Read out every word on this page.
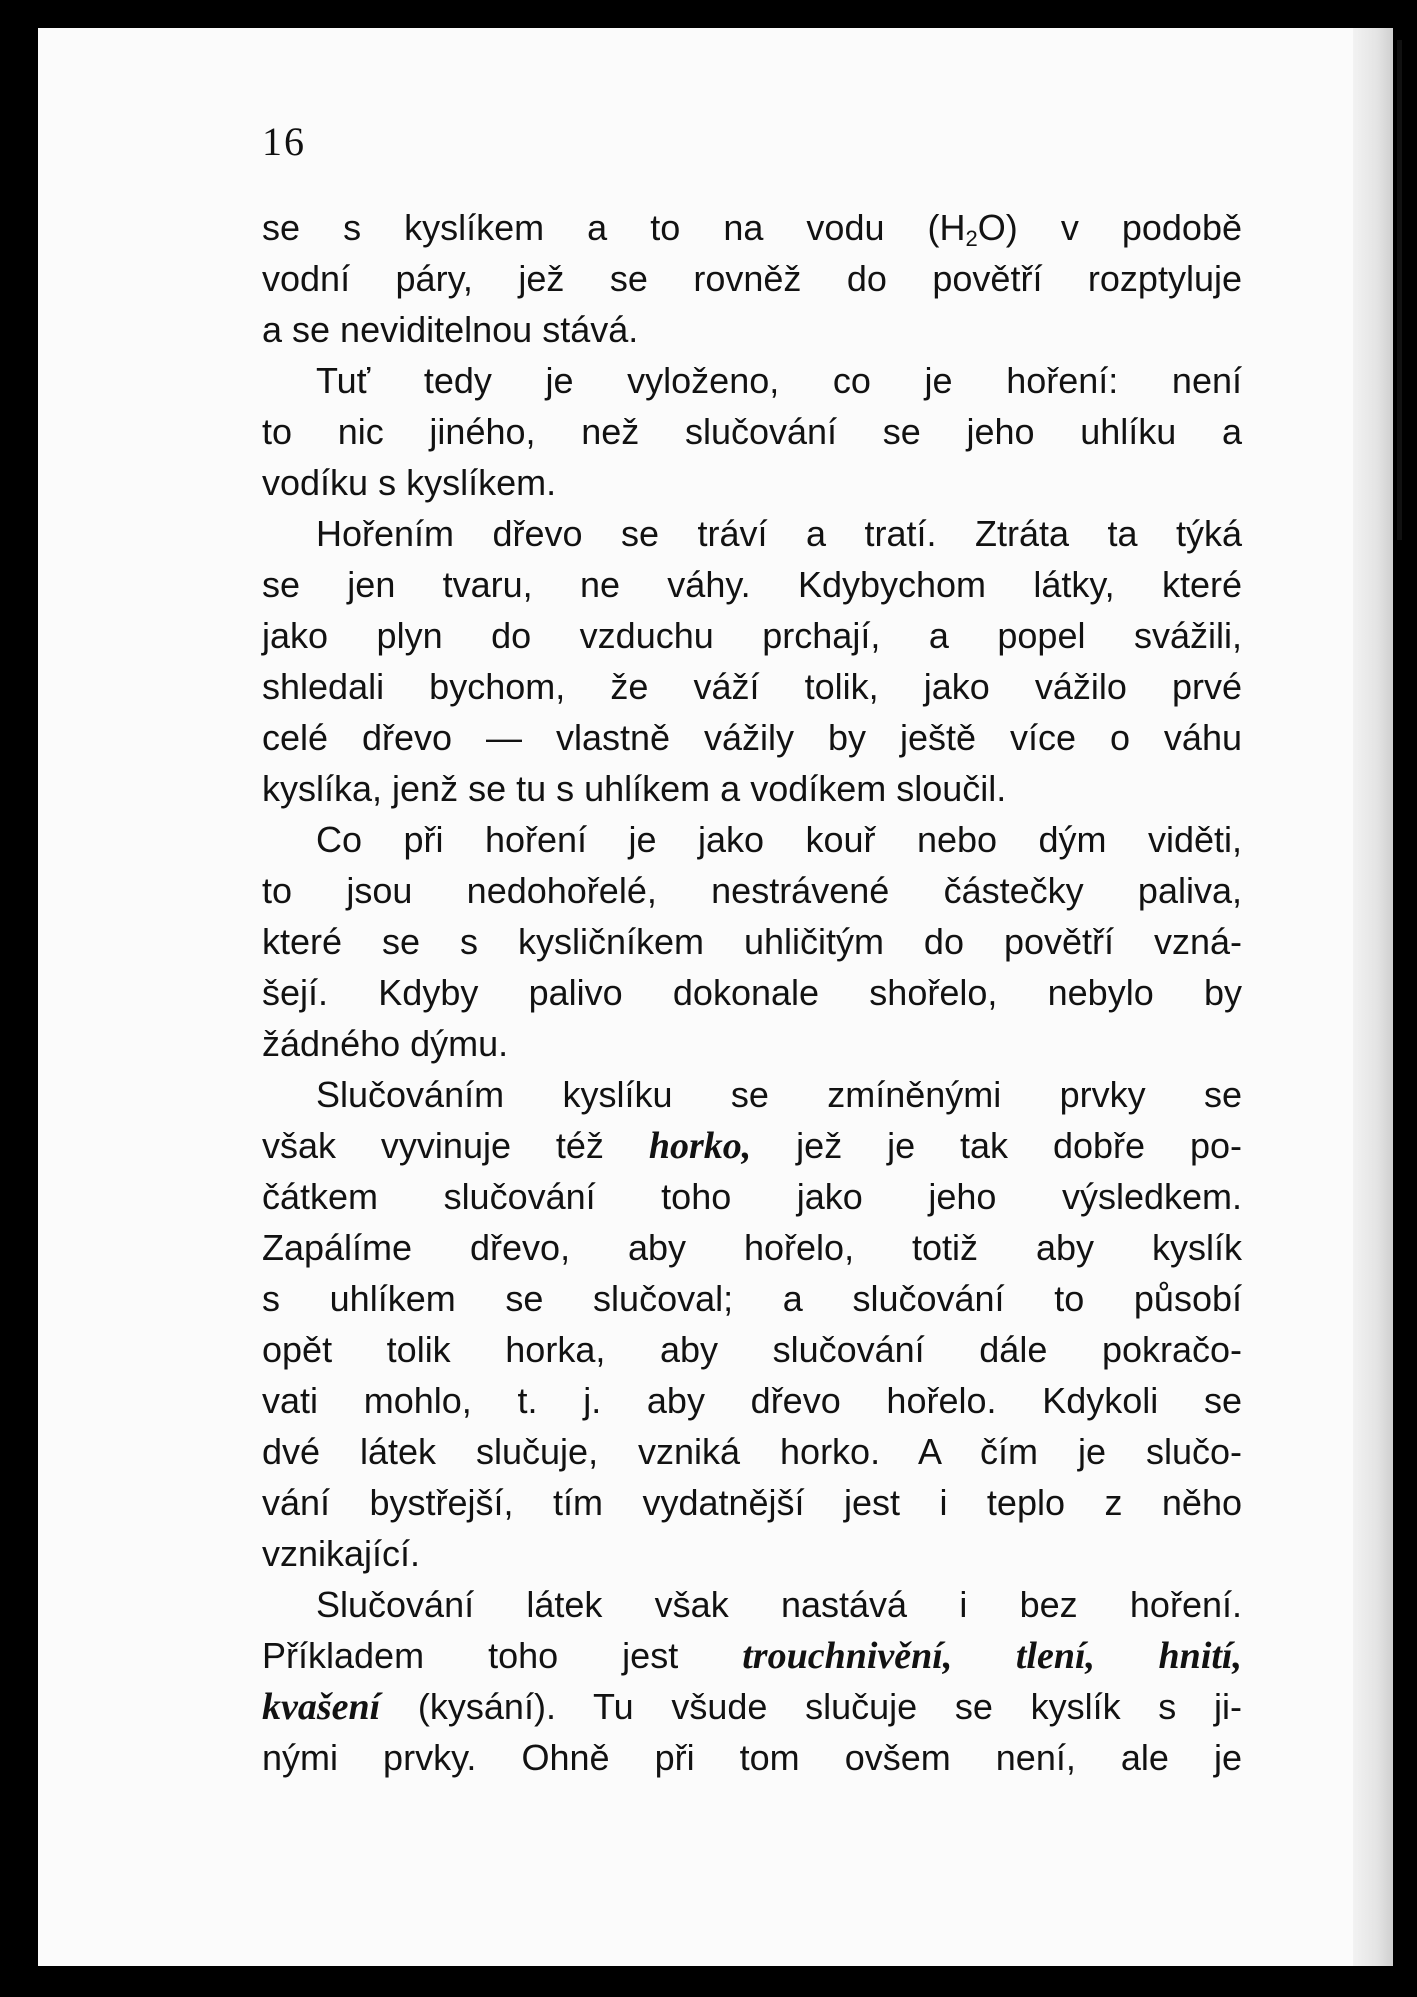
16
se s kyslíkem a to na vodu $(H_2O)$ v podobě
vodní páry, jež se rovněž do povětří rozptyluje
a se neviditelnou stává.
Tuť tedy je vyloženo, co je hoření: není
to nic jiného, než slučování se jeho uhlíku a
vodíku s kyslíkem.
Hořením dřevo se tráví a tratí. Ztráta ta týká
se jen tvaru, ne váhy. Kdybychom látky, které
jako plyn do vzduchu prchají, a popel svážili,
shledali bychom, že váží tolik, jako vážilo prvé
celé dřevo — vlastně vážily by ještě více o váhu
kyslíka, jenž se tu s uhlíkem a vodíkem sloučil.
Co při hoření je jako kouř nebo dým viděti,
to jsou nedohořelé, nestrávené částečky paliva,
které se s kysličníkem uhličitým do povětří vzná-
šejí. Kdyby palivo dokonale shořelo, nebylo by
žádného dýmu.
Slučováním kyslíku se zmíněnými prvky se
však vyvinuje též horko, jež je tak dobře po-
čátkem slučování toho jako jeho výsledkem.
Zapálíme dřevo, aby hořelo, totiž aby kyslík
s uhlíkem se slučoval; a slučování to působí
opět tolik horka, aby slučování dále pokračo-
vati mohlo, t. j. aby dřevo hořelo. Kdykoli se
dvé látek slučuje, vzniká horko. A čím je slučo-
vání bystřejší, tím vydatnější jest i teplo z něho
vznikající.
Slučování látek však nastává i bez hoření.
Příkladem toho jest trouchnivění, tlení, hnití,
kvašení (kysání). Tu všude slučuje se kyslík s ji-
nými prvky. Ohně při tom ovšem není, ale je
